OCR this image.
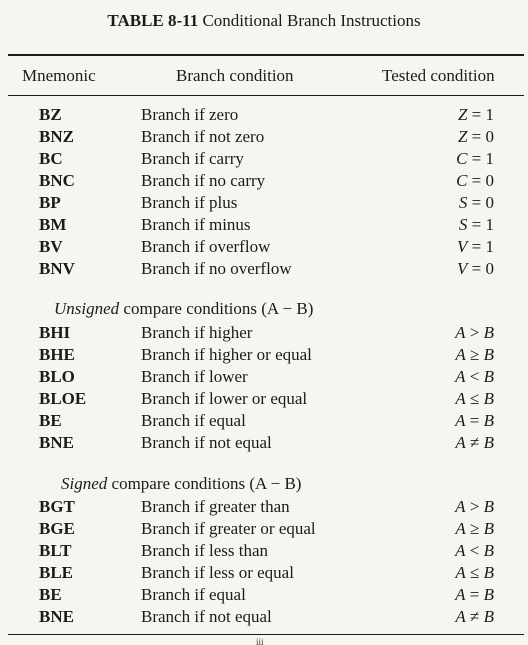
TABLE 8-11 Conditional Branch Instructions
Mnemonic	Branch condition	Tested condition
BZ	Branch if zero	Z = 1
BNZ	Branch if not zero	Z = 0
BC	Branch if carry	C = 1
BNC	Branch if no carry	C = 0
BP	Branch if plus	S = 0
BM	Branch if minus	S = 1
BV	Branch if overflow	V = 1
BNV	Branch if no overflow	V = 0
Unsigned compare conditions (A − B)
BHI	Branch if higher	A > B
BHE	Branch if higher or equal	A ≥ B
BLO	Branch if lower	A < B
BLOE	Branch if lower or equal	A ≤ B
BE	Branch if equal	A = B
BNE	Branch if not equal	A ≠ B
Signed compare conditions (A − B)
BGT	Branch if greater than	A > B
BGE	Branch if greater or equal	A ≥ B
BLT	Branch if less than	A < B
BLE	Branch if less or equal	A ≤ B
BE	Branch if equal	A = B
BNE	Branch if not equal	A ≠ B
iii
